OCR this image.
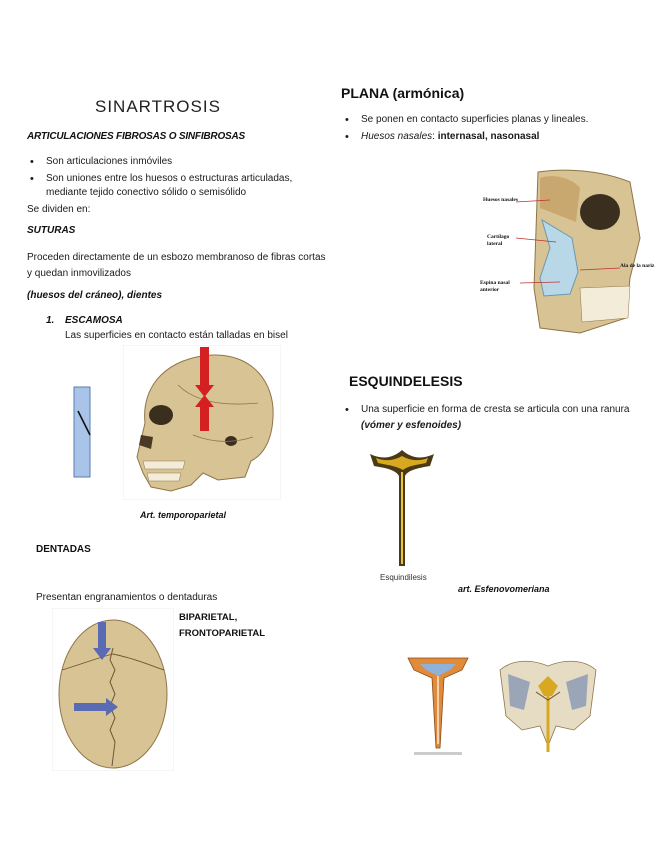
SINARTROSIS
ARTICULACIONES FIBROSAS O SINFIBROSAS
• Son articulaciones inmóviles
• Son uniones entre los huesos o estructuras articuladas, mediante tejido conectivo sólido o semisólido
Se dividen en:
SUTURAS
Proceden directamente de un esbozo membranoso de fibras cortas y quedan inmovilizados
(huesos del cráneo), dientes
1. ESCAMOSA
Las superficies en contacto están talladas en bisel
Art. temporoparietal
DENTADAS
Presentan engranamientos o dentaduras
BIPARIETAL,
FRONTOPARIETAL
PLANA (armónica)
• Se ponen en contacto superficies planas y lineales.
• Huesos nasales: internasal, nasonasal
Huesos nasales
Cartílago lateral
Espina nasal anterior
Ala de la nariz
ESQUINDELESIS
• Una superficie en forma de cresta se articula con una ranura (vómer y esfenoides)
Esquindilesis
art. Esfenovomeriana
